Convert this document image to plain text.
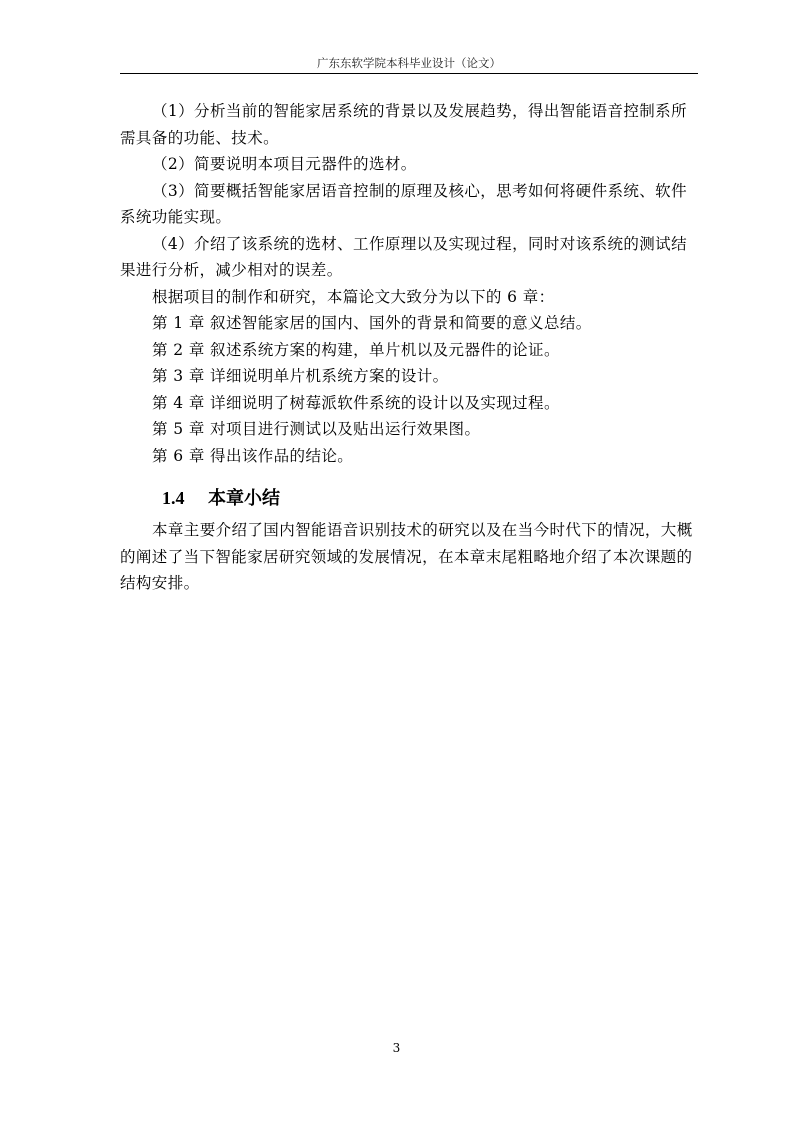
广东东软学院本科毕业设计（论文）

（1）分析当前的智能家居系统的背景以及发展趋势，得出智能语音控制系所需具备的功能、技术。

（2）简要说明本项目元器件的选材。

（3）简要概括智能家居语音控制的原理及核心，思考如何将硬件系统、软件系统功能实现。

（4）介绍了该系统的选材、工作原理以及实现过程，同时对该系统的测试结果进行分析，减少相对的误差。

根据项目的制作和研究，本篇论文大致分为以下的 6 章：

第 1 章 叙述智能家居的国内、国外的背景和简要的意义总结。

第 2 章 叙述系统方案的构建，单片机以及元器件的论证。

第 3 章 详细说明单片机系统方案的设计。

第 4 章 详细说明了树莓派软件系统的设计以及实现过程。

第 5 章 对项目进行测试以及贴出运行效果图。

第 6 章 得出该作品的结论。

1.4 本章小结

本章主要介绍了国内智能语音识别技术的研究以及在当今时代下的情况，大概的阐述了当下智能家居研究领域的发展情况，在本章末尾粗略地介绍了本次课题的结构安排。

3
